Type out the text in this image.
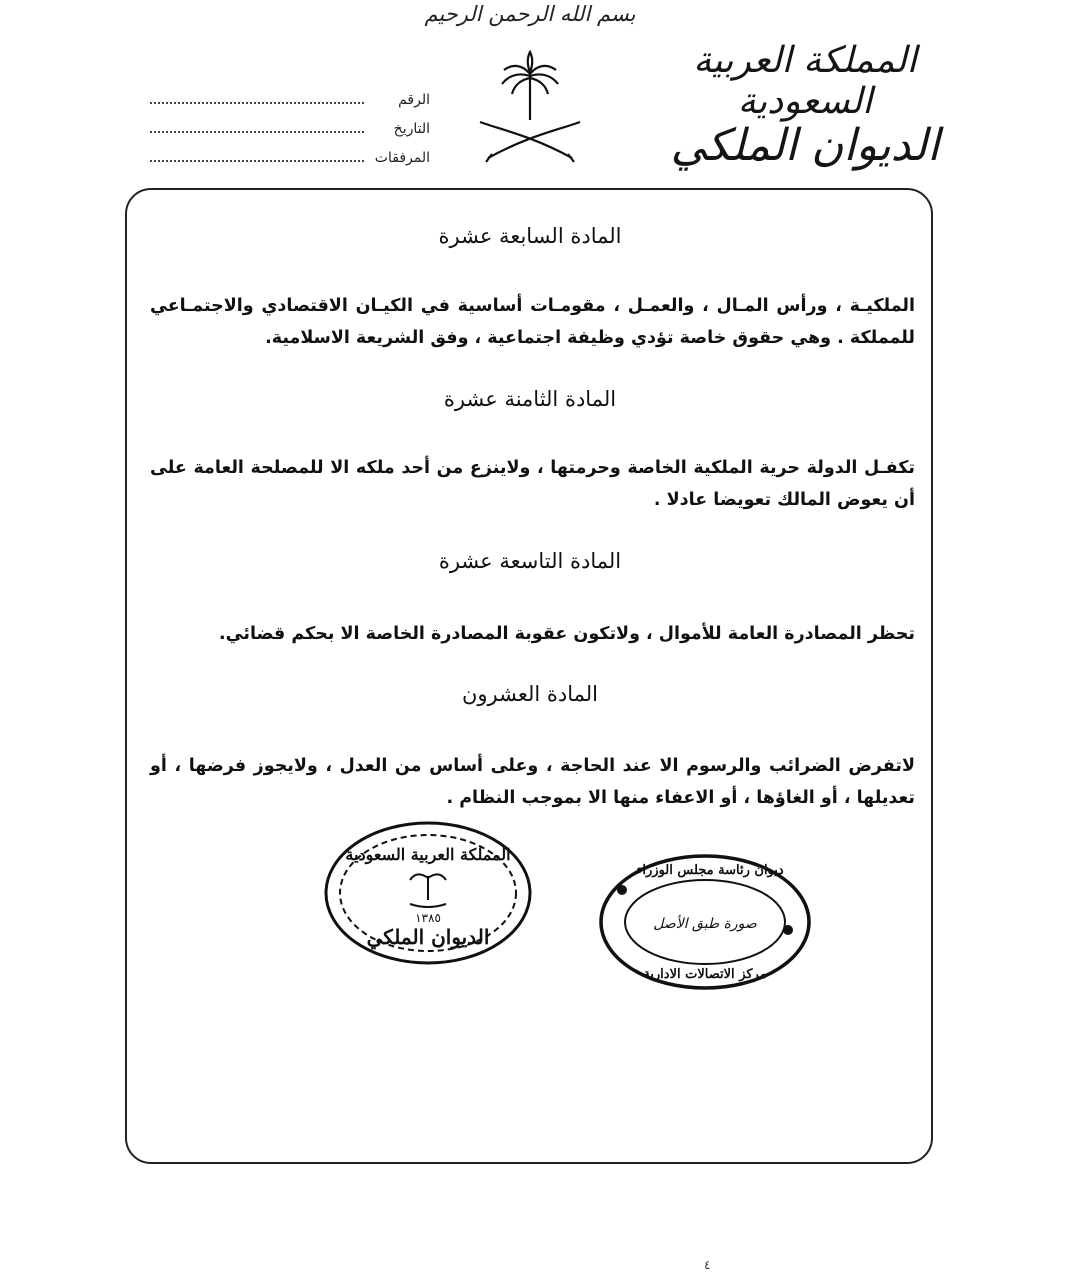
بسم الله الرحمن الرحيم
المملكة العربية السعودية
الديوان الملكي
الرقم
التاريخ
المرفقات
المادة السابعة عشرة
الملكيـة ، ورأس المـال ، والعمـل ، مقومـات أساسية في الكيـان الاقتصادي والاجتمـاعي للمملكة . وهي حقوق خاصة تؤدي وظيفة اجتماعية ، وفق الشريعة الاسلامية.
المادة الثامنة عشرة
تكفـل الدولة حرية الملكية الخاصة وحرمتها ، ولاينزع من أحد ملكه الا للمصلحة العامة على أن يعوض المالك تعويضا عادلا .
المادة التاسعة عشرة
تحظر المصادرة العامة للأموال ، ولاتكون عقوبة المصادرة الخاصة الا بحكم قضائي.
المادة العشرون
لاتفرض الضرائب والرسوم الا عند الحاجة ، وعلى أساس من العدل ، ولايجوز فرضها ، أو تعديلها ، أو الغاؤها ، أو الاعفاء منها الا بموجب النظام .
المملكة العربية السعودية
١٣٨٥
الديوان الملكي
ديوان رئاسة مجلس الوزراء
صورة طبق الأصل
مركز الاتصالات الادارية
٤
